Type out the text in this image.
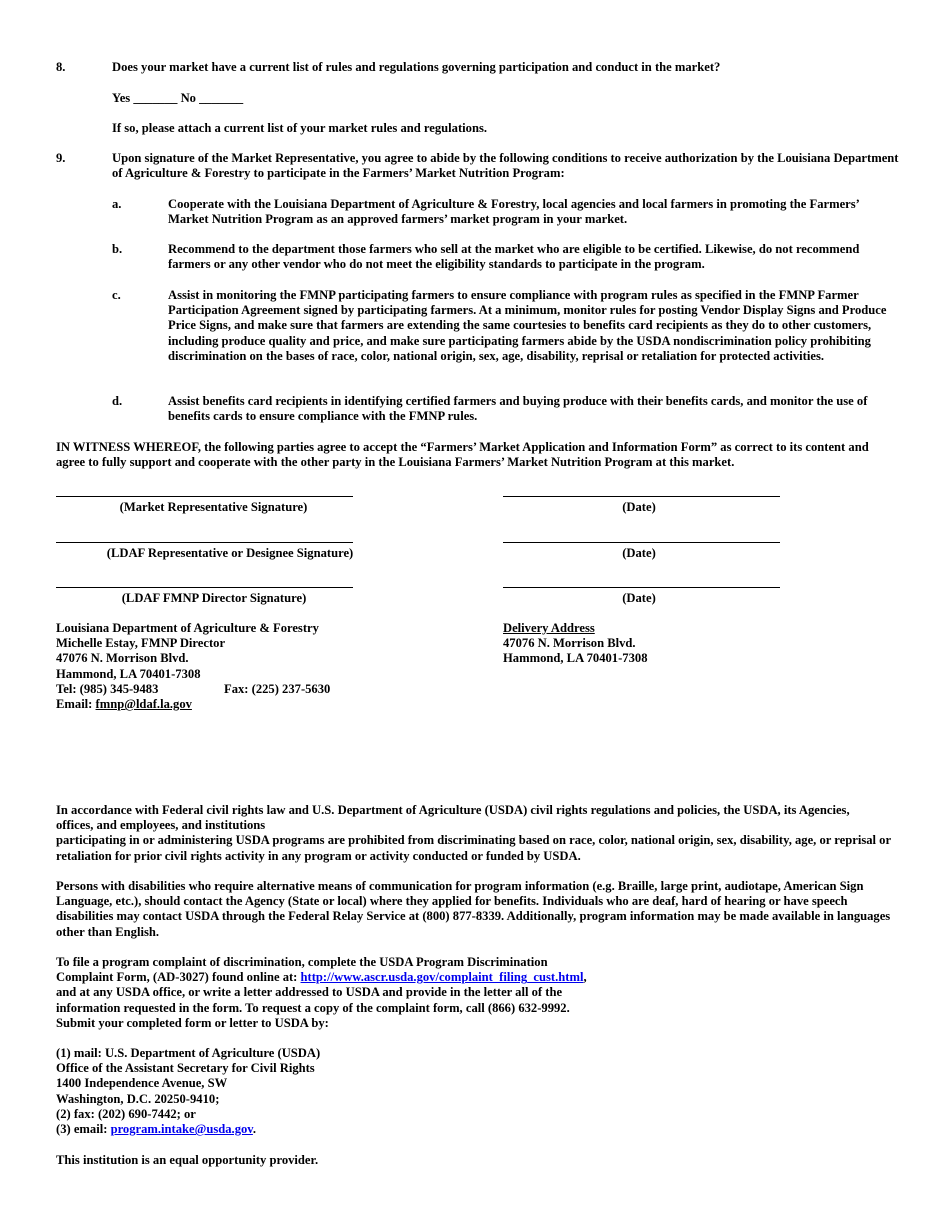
8.	Does your market have a current list of rules and regulations governing participation and conduct in the market?
Yes _______ No _______
If so, please attach a current list of your market rules and regulations.
9.	Upon signature of the Market Representative, you agree to abide by the following conditions to receive authorization by the Louisiana Department of Agriculture & Forestry to participate in the Farmers’ Market Nutrition Program:
a.	Cooperate with the Louisiana Department of Agriculture & Forestry, local agencies and local farmers in promoting the Farmers’ Market Nutrition Program as an approved farmers’ market program in your market.
b.	Recommend to the department those farmers who sell at the market who are eligible to be certified. Likewise, do not recommend farmers or any other vendor who do not meet the eligibility standards to participate in the program.
c.	Assist in monitoring the FMNP participating farmers to ensure compliance with program rules as specified in the FMNP Farmer Participation Agreement signed by participating farmers. At a minimum, monitor rules for posting Vendor Display Signs and Produce Price Signs, and make sure that farmers are extending the same courtesies to benefits card recipients as they do to other customers, including produce quality and price, and make sure participating farmers abide by the USDA nondiscrimination policy prohibiting discrimination on the bases of race, color, national origin, sex, age, disability, reprisal or retaliation for protected activities.
d.	Assist benefits card recipients in identifying certified farmers and buying produce with their benefits cards, and monitor the use of benefits cards to ensure compliance with the FMNP rules.
IN WITNESS WHEREOF, the following parties agree to accept the “Farmers’ Market Application and Information Form” as correct to its content and agree to fully support and cooperate with the other party in the Louisiana Farmers’ Market Nutrition Program at this market.
(Market Representative Signature)	(Date)
(LDAF Representative or Designee Signature)	(Date)
(LDAF FMNP Director Signature)	(Date)
Louisiana Department of Agriculture & Forestry
Michelle Estay, FMNP Director
47076 N. Morrison Blvd.
Hammond, LA 70401-7308
Tel: (985) 345-9483	Fax: (225) 237-5630
Email: fmnp@ldaf.la.gov
Delivery Address
47076 N. Morrison Blvd.
Hammond, LA 70401-7308
In accordance with Federal civil rights law and U.S. Department of Agriculture (USDA) civil rights regulations and policies, the USDA, its Agencies,
offices, and employees, and institutions
participating in or administering USDA programs are prohibited from discriminating based on race, color, national origin, sex, disability, age, or reprisal or retaliation for prior civil rights activity in any program or activity conducted or funded by USDA.
Persons with disabilities who require alternative means of communication for program information (e.g. Braille, large print, audiotape, American Sign Language, etc.), should contact the Agency (State or local) where they applied for benefits. Individuals who are deaf, hard of hearing or have speech disabilities may contact USDA through the Federal Relay Service at (800) 877-8339. Additionally, program information may be made available in languages other than English.
To file a program complaint of discrimination, complete the USDA Program Discrimination
Complaint Form, (AD-3027) found online at: http://www.ascr.usda.gov/complaint_filing_cust.html,
and at any USDA office, or write a letter addressed to USDA and provide in the letter all of the
information requested in the form. To request a copy of the complaint form, call (866) 632-9992.
Submit your completed form or letter to USDA by:
(1) mail: U.S. Department of Agriculture (USDA)
Office of the Assistant Secretary for Civil Rights
1400 Independence Avenue, SW
Washington, D.C. 20250-9410;
(2) fax: (202) 690-7442; or
(3) email: program.intake@usda.gov.
This institution is an equal opportunity provider.
